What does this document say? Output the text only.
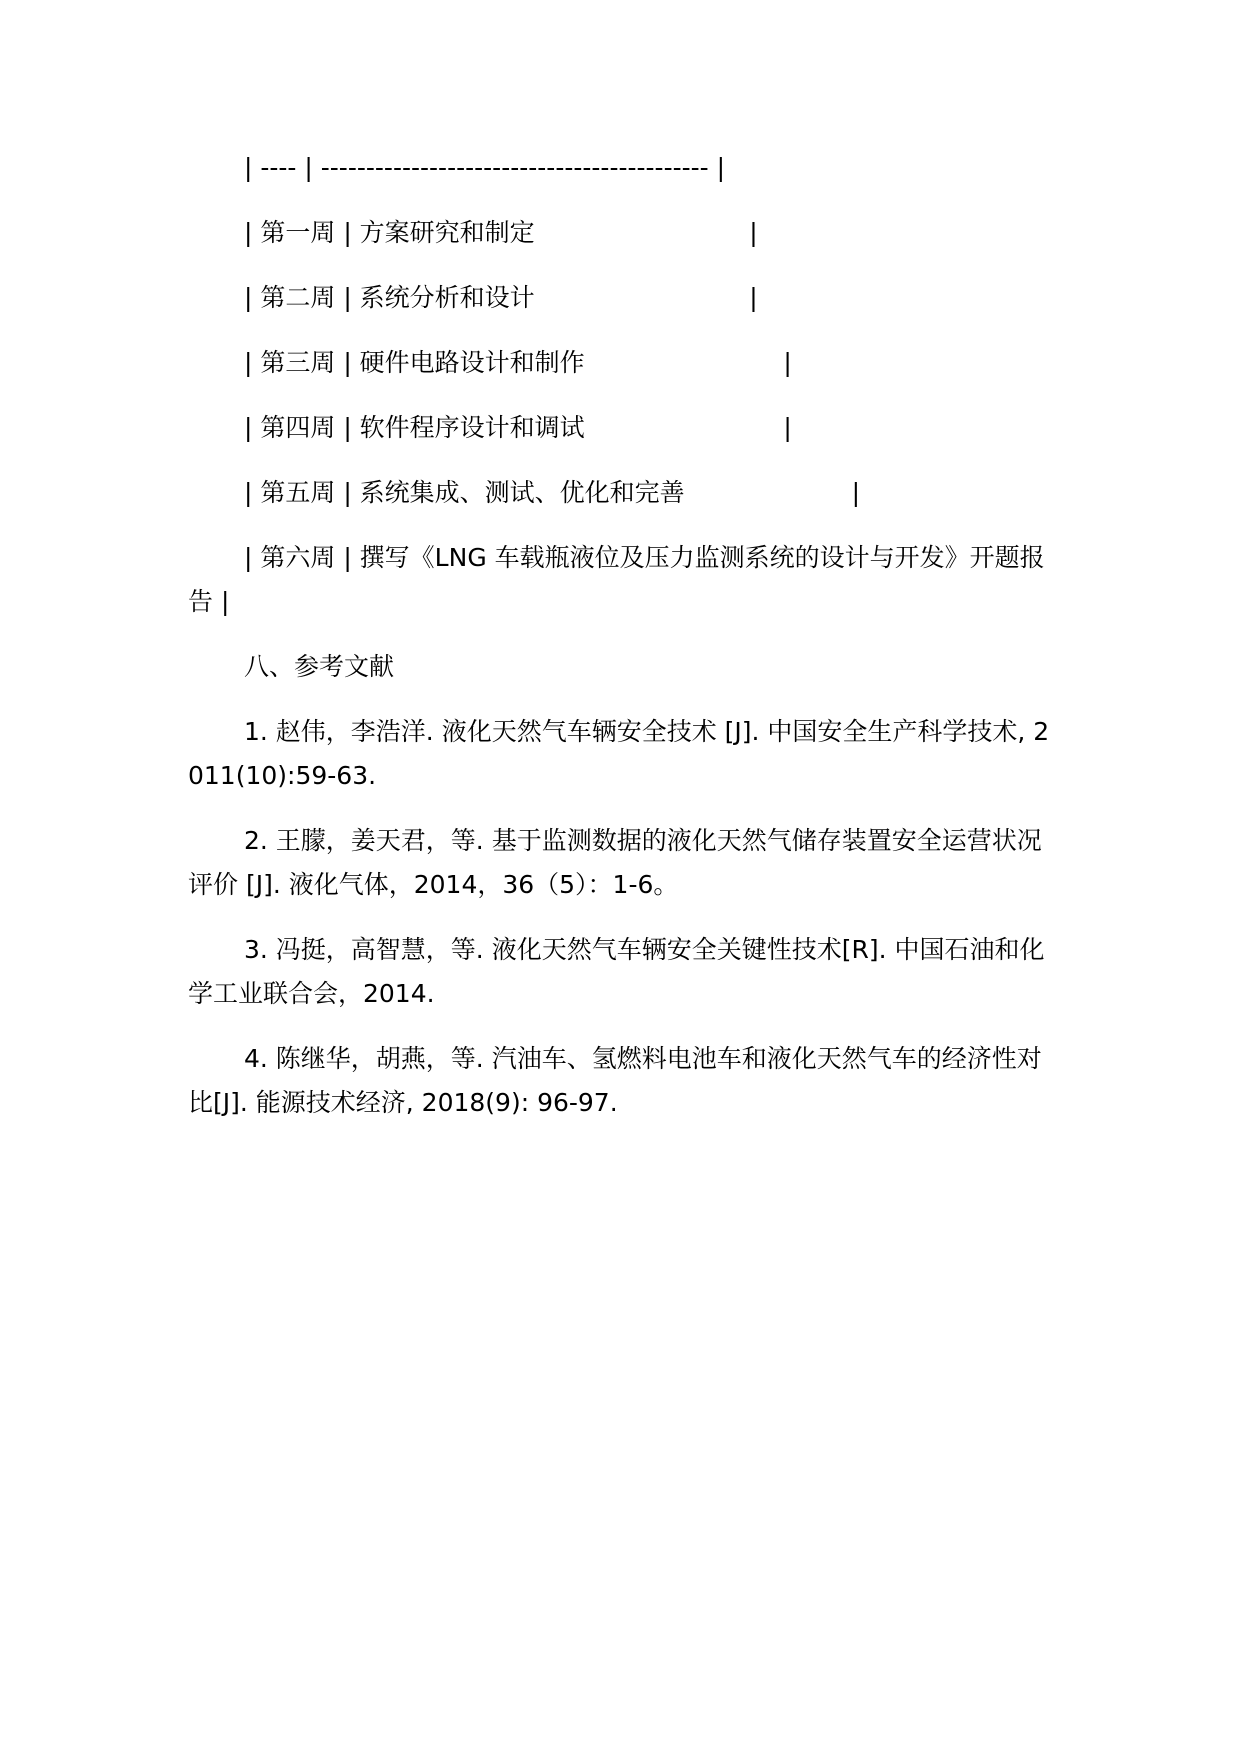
| ---- | ------------------------------------------- |

| 第一周 | 方案研究和制定                           |

| 第二周 | 系统分析和设计                           |

| 第三周 | 硬件电路设计和制作                         |

| 第四周 | 软件程序设计和调试                         |

| 第五周 | 系统集成、测试、优化和完善                     |

| 第六周 | 撰写《LNG 车载瓶液位及压力监测系统的设计与开发》开题报告 |

八、参考文献

1. 赵伟，李浩洋. 液化天然气车辆安全技术 [J]. 中国安全生产科学技术, 2011(10):59-63.

2. 王朦，姜天君，等. 基于监测数据的液化天然气储存装置安全运营状况评价 [J]. 液化气体，2014，36（5）：1-6。

3. 冯挺，高智慧，等. 液化天然气车辆安全关键性技术[R]. 中国石油和化学工业联合会，2014.

4. 陈继华，胡燕，等. 汽油车、氢燃料电池车和液化天然气车的经济性对比[J]. 能源技术经济, 2018(9): 96-97.
